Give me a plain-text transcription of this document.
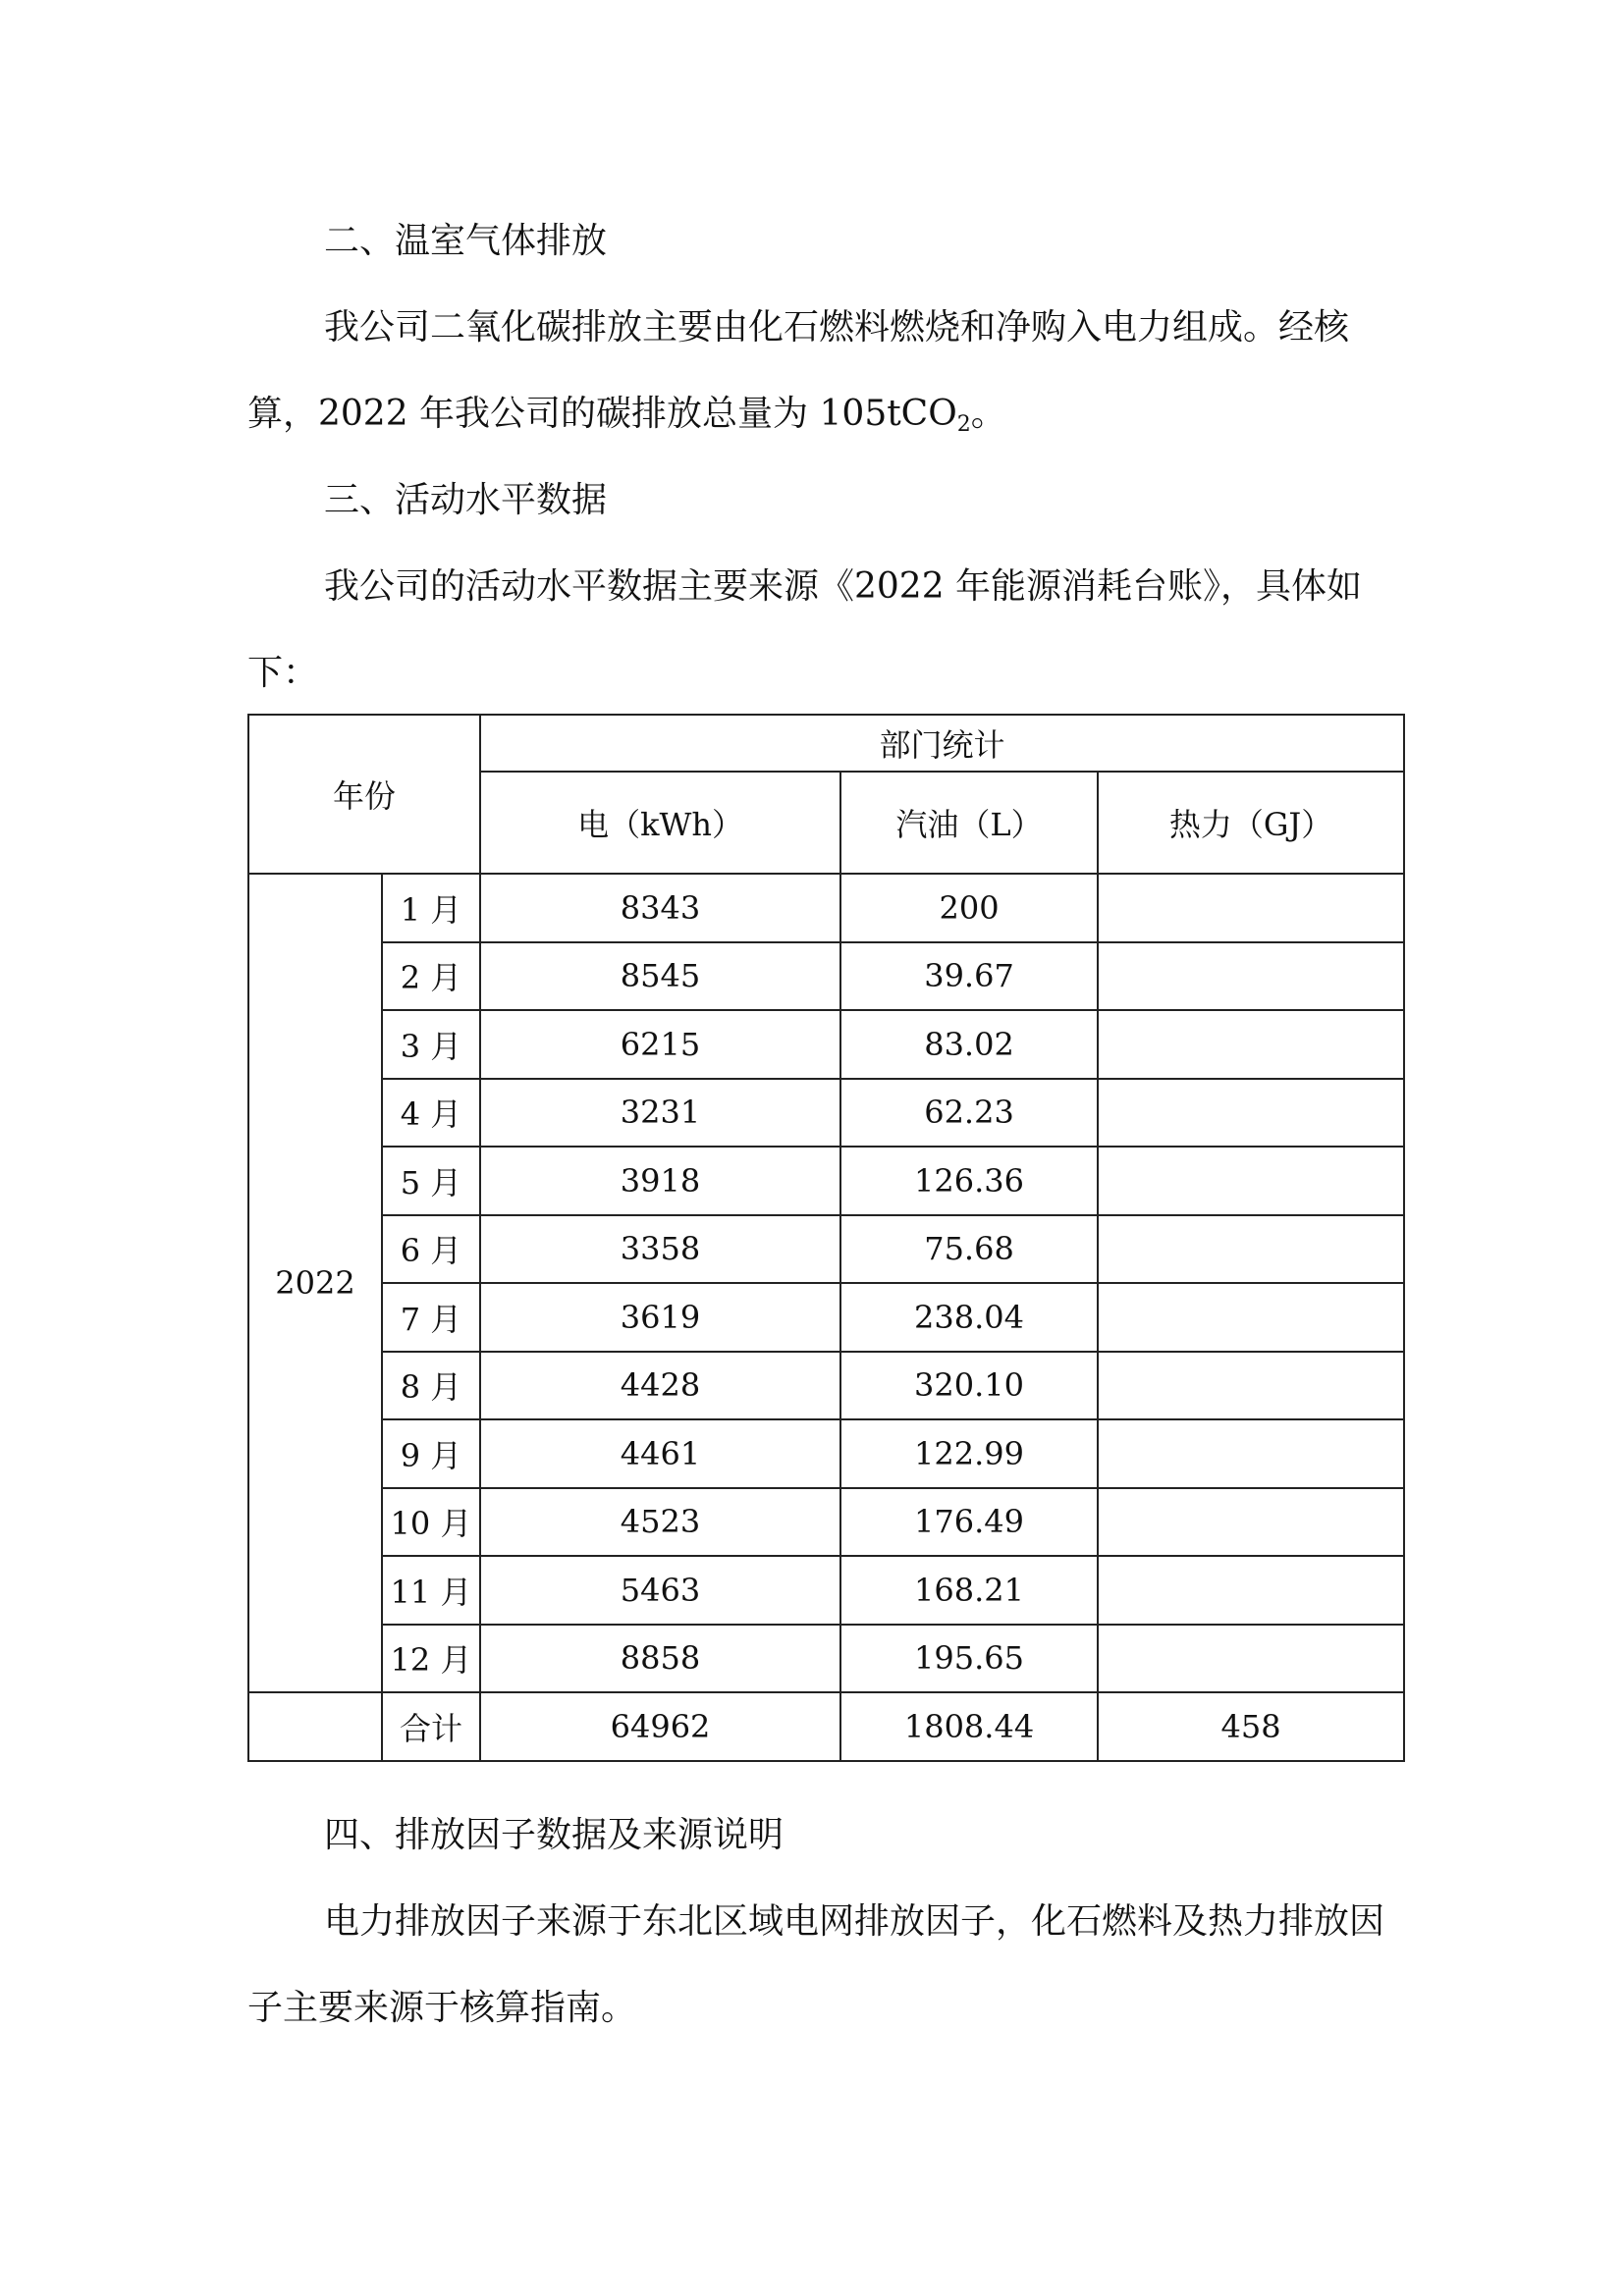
二、温室气体排放

我公司二氧化碳排放主要由化石燃料燃烧和净购入电力组成。经核算，2022 年我公司的碳排放总量为 105tCO$_2$。

三、活动水平数据

我公司的活动水平数据主要来源《2022 年能源消耗台账》，具体如下：

年份		部门统计		
		电（kWh）	汽油（L）	热力（GJ）
2022	1 月	8343	200	
	2 月	8545	39.67	
	3 月	6215	83.02	
	4 月	3231	62.23	
	5 月	3918	126.36	
	6 月	3358	75.68	
	7 月	3619	238.04	
	8 月	4428	320.10	
	9 月	4461	122.99	
	10 月	4523	176.49	
	11 月	5463	168.21	
	12 月	8858	195.65	
	合计	64962	1808.44	458

四、排放因子数据及来源说明

电力排放因子来源于东北区域电网排放因子，化石燃料及热力排放因子主要来源于核算指南。
